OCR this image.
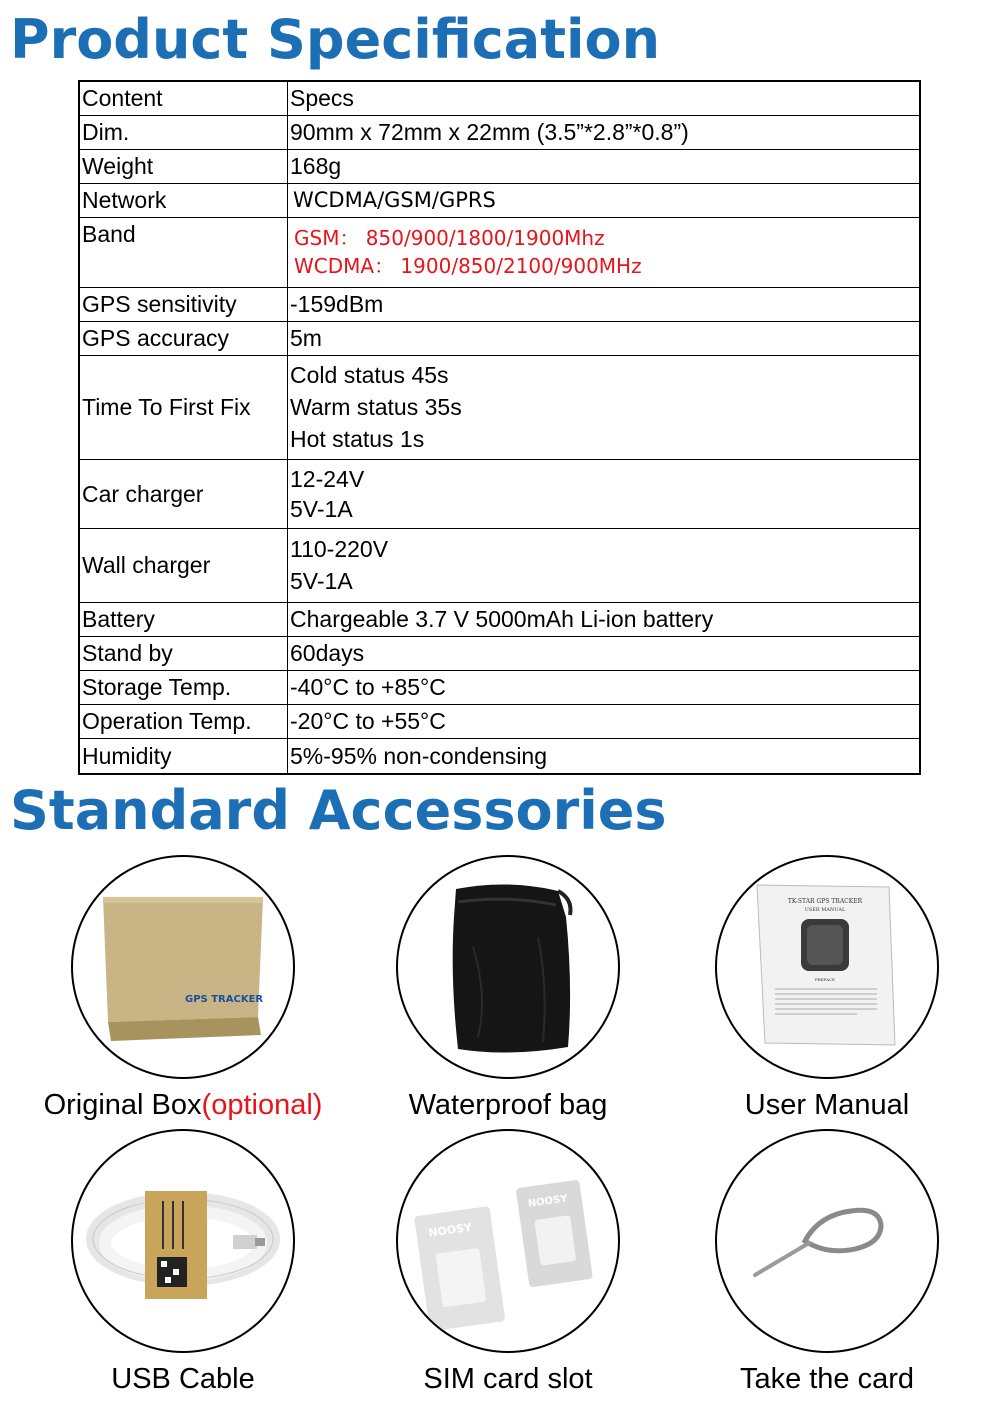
Product Specification
Content	Specs
Dim.	90mm x 72mm x 22mm (3.5”*2.8”*0.8”)
Weight	168g
Network	WCDMA/GSM/GPRS
Band	GSM： 850/900/1800/1900Mhz
WCDMA： 1900/850/2100/900MHz

GPS sensitivity	-159dBm
GPS accuracy	5m
Time To First Fix	Cold status 45s
Warm status 35s
Hot status 1s

Car charger	12-24V
5V-1A

Wall charger	110-220V
5V-1A

Battery	Chargeable 3.7 V 5000mAh Li-ion battery
Stand by	60days
Storage Temp.	-40°C to +85°C
Operation Temp.	-20°C to +55°C
Humidity	5%-95% non-condensing
Standard Accessories
GPS TRACKER
Original Box(optional)	Waterproof bag
TK-STAR GPS TRACKER
USER MANUAL
PREFACE
User Manual
USB Cable
NOOSY
NOOSY
SIM card slot	Take the card
